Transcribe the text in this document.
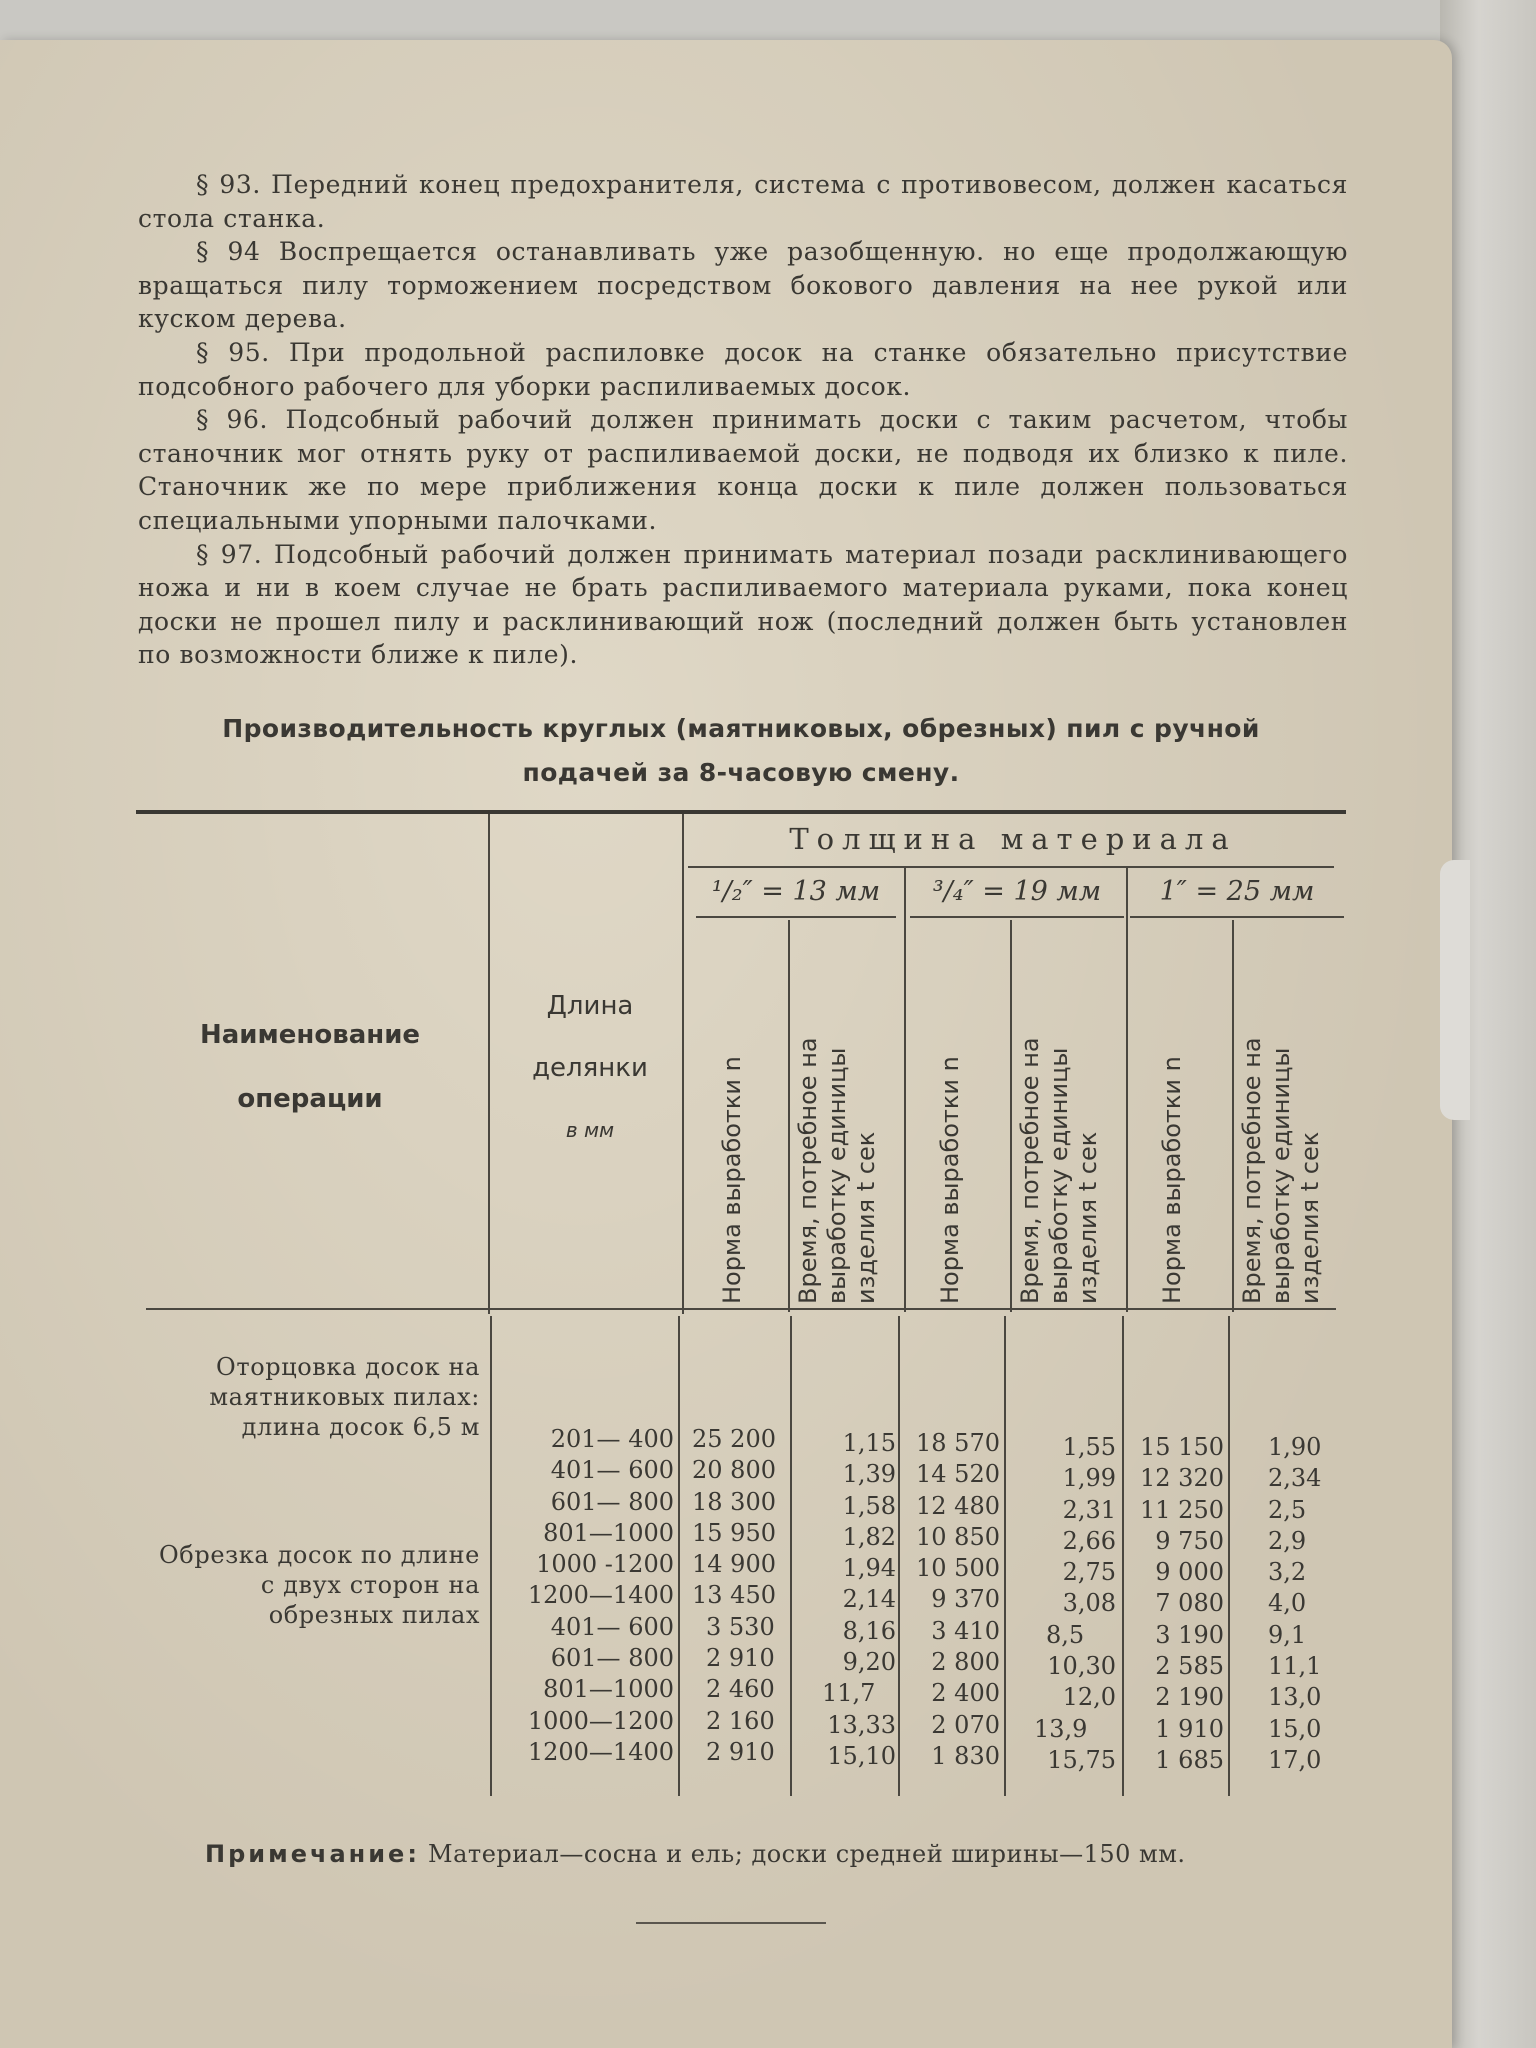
§ 93. Передний конец предохранителя, система с противовесом, должен касаться стола станка.

§ 94 Воспрещается останавливать уже разобщенную. но еще продолжающую вращаться пилу торможением посредством бокового давления на нее рукой или куском дерева.

§ 95. При продольной распиловке досок на станке обязательно присутствие подсобного рабочего для уборки распиливаемых досок.

§ 96. Подсобный рабочий должен принимать доски с таким расчетом, чтобы станочник мог отнять руку от распиливаемой доски, не подводя их близко к пиле. Станочник же по мере приближения конца доски к пиле должен пользоваться специальными упорными палочками.

§ 97. Подсобный рабочий должен принимать материал позади расклинивающего ножа и ни в коем случае не брать распиливаемого материала руками, пока конец доски не прошел пилу и расклинивающий нож (последний должен быть установлен по возможности ближе к пиле).

Производительность круглых (маятниковых, обрезных) пил с ручной
подачей за 8-часовую смену.
Наименование операции
Длина
делянки
в мм
Толщина материала
¹/₂″ = 13 мм	³/₄″ = 19 мм	1″ = 25 мм
Норма выработки n Время, потребное на
выработку единицы
изделия t сек Норма выработки n Время, потребное на
выработку единицы
изделия t сек Норма выработки n Время, потребное на
выработку единицы
изделия t сек
Оторцовка досок на маятниковых пилах: длина досок 6,5 м
Обрезка досок по длине с двух сторон на обрезных пилах
201— 400
401— 600
601— 800
801—1000
1000 -1200
1200—1400
401— 600
601— 800
801—1000
1000—1200
1200—1400
25 200
20 800
18 300
15 950
14 900
13 450
3 530
2 910
2 460
2 160
2 910
1,15
1,39
1,58
1,82
1,94
2,14
8,16
9,20
11,7
13,33
15,10
18 570
14 520
12 480
10 850
10 500
9 370
3 410
2 800
2 400
2 070
1 830
1,55
1,99
2,31
2,66
2,75
3,08
8,5
10,30
12,0
13,9
15,75
15 150
12 320
11 250
9 750
9 000
7 080
3 190
2 585
2 190
1 910
1 685
1,90
2,34
2,5
2,9
3,2
4,0
9,1
11,1
13,0
15,0
17,0
Примечание: Материал—сосна и ель; доски средней ширины—150 мм.
